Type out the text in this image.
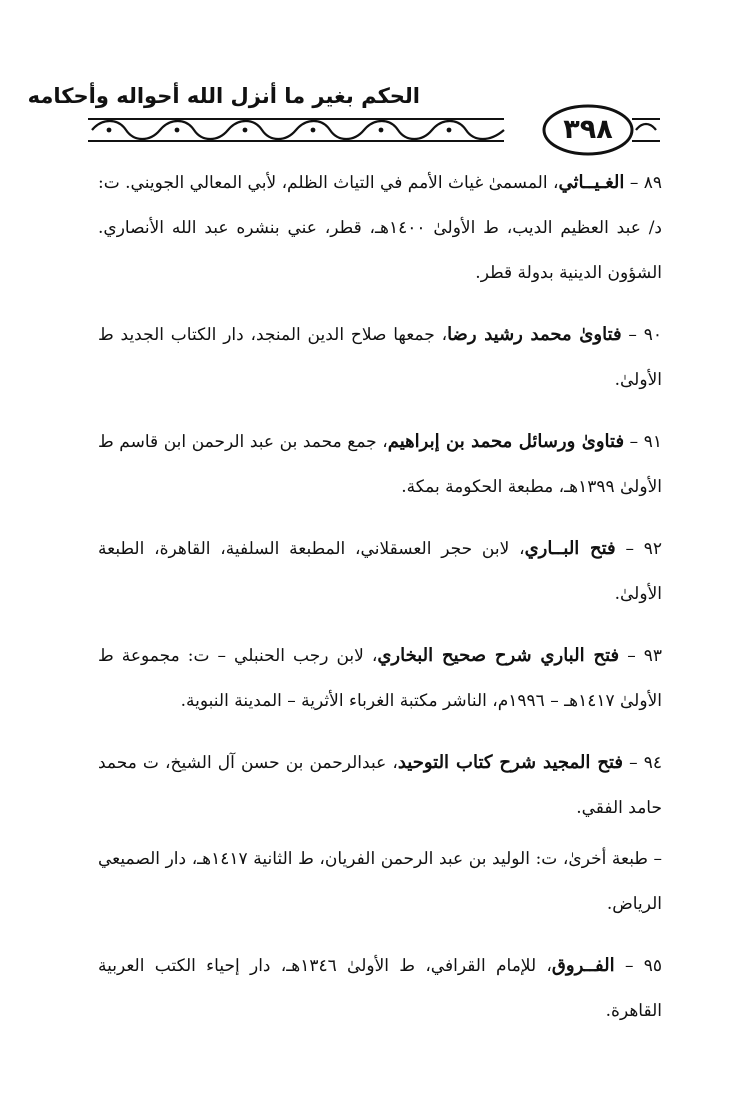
الحكم بغير ما أنزل الله أحواله وأحكامه
٣٩٨

٨٩ – الغـيــاثي، المسمىٰ غياث الأمم في التياث الظلم، لأبي المعالي الجويني. ت: د/ عبد العظيم الديب، ط الأولىٰ ١٤٠٠هـ، قطر، عني بنشره عبد الله الأنصاري. الشؤون الدينية بدولة قطر.

٩٠ – فتاوىٰ محمد رشيد رضا، جمعها صلاح الدين المنجد، دار الكتاب الجديد ط الأولىٰ.

٩١ – فتاوىٰ ورسائل محمد بن إبراهيم، جمع محمد بن عبد الرحمن ابن قاسم ط الأولىٰ ١٣٩٩هـ، مطبعة الحكومة بمكة.

٩٢ – فتح البــاري، لابن حجر العسقلاني، المطبعة السلفية، القاهرة، الطبعة الأولىٰ.

٩٣ – فتح الباري شرح صحيح البخاري، لابن رجب الحنبلي – ت: مجموعة ط الأولىٰ ١٤١٧هـ – ١٩٩٦م، الناشر مكتبة الغرباء الأثرية – المدينة النبوية.

٩٤ – فتح المجيد شرح كتاب التوحيد، عبدالرحمن بن حسن آل الشيخ، ت محمد حامد الفقي.

– طبعة أخرىٰ، ت: الوليد بن عبد الرحمن الفريان، ط الثانية ١٤١٧هـ، دار الصميعي الرياض.

٩٥ – الفــروق، للإمام القرافي، ط الأولىٰ ١٣٤٦هـ، دار إحياء الكتب العربية القاهرة.
